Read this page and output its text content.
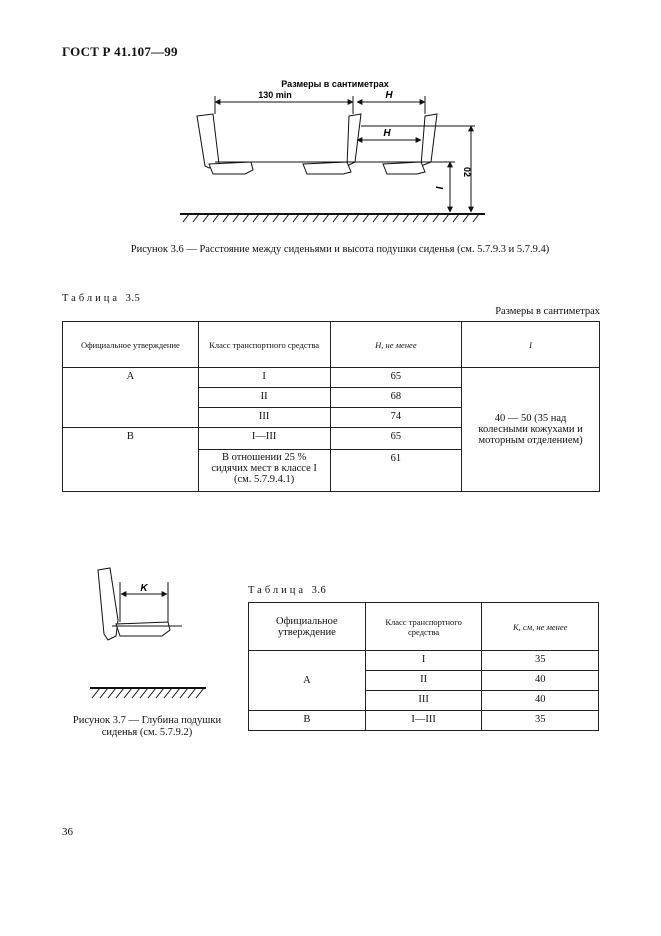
ГОСТ Р 41.107—99
Размеры в сантиметрах
130 min	H
H
I
02
Рисунок 3.6 — Расстояние между сиденьями и высота подушки сиденья (см. 5.7.9.3 и 5.7.9.4)
Таблица 3.5
Размеры в сантиметрах
Официальное утверждение	Класс транспортного средства	H, не менее	I
A	I	65	40 — 50 (35 над колесными кожухами и моторным отделением)
	II	68	
	III	74	
B	I—III	65	
	В отношении 25 % сидячих мест в классе I (см. 5.7.9.4.1)	61	
K
Рисунок 3.7 — Глубина подушки сиденья (см. 5.7.9.2)
Таблица 3.6
Официальное утверждение	Класс транспортного средства	K, см, не менее
A	I	35
	II	40
	III	40
B	I—III	35
36
